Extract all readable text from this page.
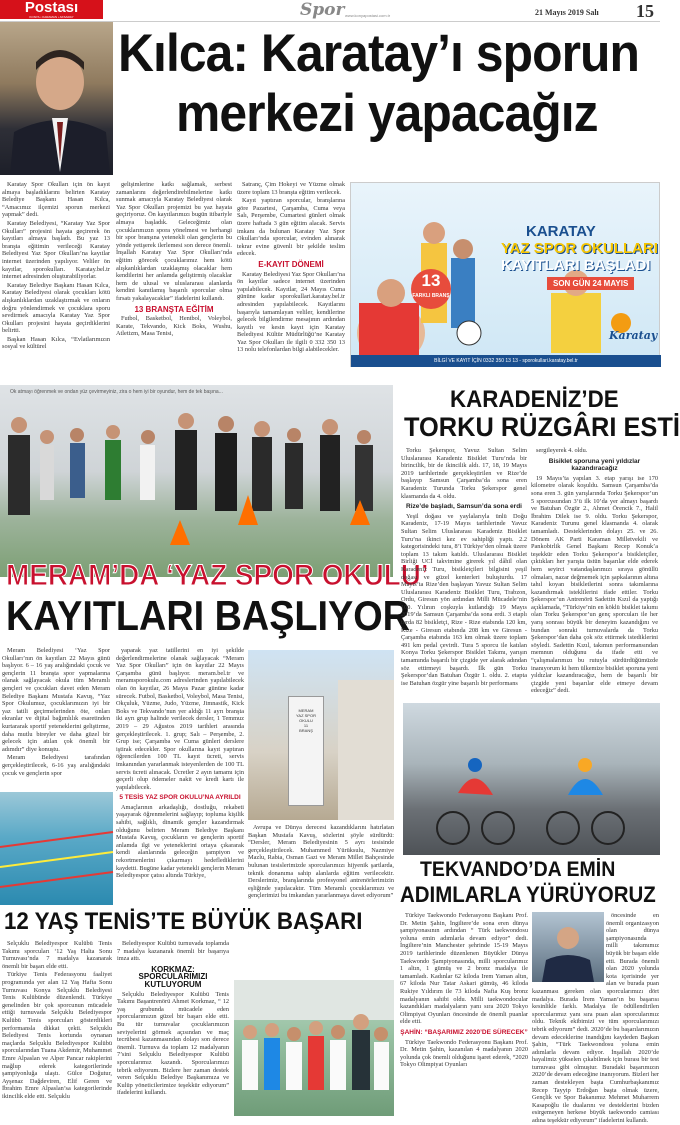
Postası
KONYA • KARAMAN • AKSARAY	Spor www.konyapostasi.com.tr	21 Mayıs 2019 Salı 15
Kılca: Karatay’ı sporun
merkezi yapacağız

Karatay Spor Okulları için ön kayıt almaya başladıklarını belirten Karatay Belediye Başkanı Hasan Kılca, “Amacımız ilçemizi sporun merkezi yapmak” dedi.

Karatay Belediyesi, “Karatay Yaz Spor Okulları” projesini hayata geçirerek ön kayıtları almaya başladı. Bu yaz 13 branşta eğitimin verileceği Karatay Belediyesi Yaz Spor Okulları’na kayıtlar internet üzerinden yapılıyor. Veliler ön kayıtlar, sporokulları. Karatay.bel.tr internet adresinden oluşturabiliyorlar.

Karatay Belediye Başkanı Hasan Kılca, Karatay Belediyesi olarak çocukları kötü alışkanlıklardan uzaklaştırmak ve onların doğru yönlendirmek ve çocuklara sporu sevdirmek amacıyla Karatay Yaz Spor Okulları projesini hayata geçirdiklerini belirtti.

Başkan Hasan Kılca, “Evlatlarımızın sosyal ve kültürel

gelişimlerine katkı sağlamak, serbest zamanlarını değerlendirebilmelerine katkı sunmak amacıyla Karatay Belediyesi olarak Yaz Spor Okulları projemizi bu yaz hayata geçiriyoruz. Ön kayıtlarımızı bugün itibariyle almaya başladık. Geleceğimiz olan çocuklarımızın spora yönelmesi ve herhangi bir spor branşına yetenekli olan gençlerin bu yönde yetişerek ilerlemesi son derece önemli. İnşallah Karatay Yaz Spor Okulları’nda eğitim görecek çocuklarımız hem kötü alışkanlıklardan uzaklaşmış olacaklar hem kendilerini her anlamda geliştirmiş olacaklar hem de ulusal ve uluslararası alanlarda kendini kanıtlamış başarılı sporcular olma fırsatı yakalayacaklar” ifadelerini kullandı.

13 BRANŞTA EĞİTİM

Futbol, Basketbol, Hentbol, Voleybol, Karate, Tekvando, Kick Boks, Wushu, Atletizm, Masa Tenisi,

Satranç, Çim Hokeyi ve Yüzme olmak üzere toplam 13 branşta eğitim verilecek.

Kayıt yaptıran sporcular, branşlarına göre Pazartesi, Çarşamba, Cuma veya Salı, Perşembe, Cumartesi günleri olmak üzere haftada 3 gün eğitim alacak. Servis imkanı da bulunan Karatay Yaz Spor Okulları’nda sporcular, evinden alınarak tekrar evine güvenli bir şekilde teslim edecek.

E-KAYIT DÖNEMİ

Karatay Belediyesi Yaz Spor Okulları’na ön kayıtlar sadece internet üzerinden yapılabilecek. Kayıtlar, 24 Mayıs Cuma gününe kadar sporokullari.karatay.bel.tr adresinden yapılabilecek. Kayıtlarını başarıyla tamamlayan veliler, kendilerine gelecek bilgilendirme mesajının ardından kayıtlı ve kesin kayıt için Karatay Belediyesi Kültür Müdürlüğü’ne Karatay Yaz Spor Okulları ile ilgili 0 332 350 13 13 nolu telefonlardan bilgi alabilecekler.

KARATAY
YAZ SPOR OKULLARI
KAYITLARI BAŞLADI
SON GÜN 24 MAYIS
13
FARKLI BRANŞ
Karatay
BİLGİ VE KAYIT İÇİN 0332 350 13 13 - sporokullari.karatay.bel.tr
Ok atmayı öğrenmek ve ondan yüz çevirmeyiniz, zira o hem iyi bir oyundur, hem de tek başına...
MERAM’DA ‘YAZ SPOR OKULU’
KAYITLARI BAŞLIYOR

Meram Belediyesi ‘Yaz Spor Okulları’nın ön kayıtları 22 Mayıs günü başlıyor. 6 – 16 yaş aralığındaki çocuk ve gençlerin 11 branşta spor yapmalarına olanak sağlayacak okula tüm Meramlı gençleri ve çocukları davet eden Meram Belediye Başkanı Mustafa Kavuş, “Yaz Spor Okulumuz, çocuklarımızın iyi bir yaz tatili geçirmelerinden öte, onları ekranlar ve dijital bağımlılık esaretinden kurtararak sportif yeteneklerini geliştirme, daha mutlu bireyler ve daha güzel bir gelecek için atılan çok önemli bir adımdır” diye konuştu.

Meram Belediyesi tarafından gerçekleştirilecek, 6-16 yaş aralığındaki çocuk ve gençlerin spor

yaparak yaz tatillerini en iyi şekilde değerlendirmelerine olanak sağlayacak “Meram Yaz Spor Okulları” için ön kayıtlar 22 Mayıs Çarşamba günü başlıyor. meram.bel.tr ve meramsporokulu.com adreslerinden yapılabilecek olan ön kayıtlar, 26 Mayıs Pazar gününe kadar sürecek. Futbol, Basketbol, Voleybol, Masa Tenisi, Okçuluk, Yüzme, Judo, Yüzme, Jimnastik, Kick Boks ve Tekvando’nun yer aldığı 11 ayrı branşta iki ayrı grup halinde verilecek dersler, 1 Temmuz 2019 – 29 Ağustos 2019 tarihleri arasında gerçekleştirilecek. 1. grup; Salı – Perşembe, 2. Grup ise; Çarşamba ve Cuma günleri derslere iştirak edecekler. Spor okullarına kayıt yaptıran öğrencilerden 100 TL kayıt ücreti, servis imkanından yararlanmak isteyenlerden de 100 TL servis ücreti alınacak. Ücretler 2 ayın tamamı için geçerli olup ödemeler nakit ve kredi kartı ile yapılabilecek.

5 TESİS YAZ SPOR OKULU’NA AYRILDI

Amaçlarının arkadaşlığı, dostluğu, rekabeti yaşayarak öğrenmelerini sağlayıp; topluma kişilik sahibi, sağlıklı, dinamik gençler kazandırmak olduğunu belirten Meram Belediye Başkanı Mustafa Kavuş, çocukların ve gençlerin sportif anlamda ilgi ve yeteneklerini ortaya çıkararak kendi alanlarında geleceğin şampiyon ve rekortmenlerini çıkarmayı hedeflediklerini kaydetti. Bugüne kadar yetenekli gençlerin Meram Belediyespor çatısı altında Türkiye,

MERAM
YAZ SPOR OKULU
11
BRANŞ

Avrupa ve Dünya derecesi kazandıklarını hatırlatan Başkan Mustafa Kavuş, sözlerini şöyle sürdürdü: “Dersler, Meram Belediyesinin 5 ayrı tesisinde gerçekleştirilecek. Muhammed Yürüksulu, Nazmiye Mazlu, Rabia, Osman Gazi ve Meram Millet Bahçesinde bulunan tesislerimizde sporcularımızı hijyenik şartlarda, teknik donanıma sahip alanlarda eğitim verilecektir. Derslerimiz, branşlarında profesyonel antrenörlerimizin eşliğinde yapılacaktır. Tüm Meramlı çocuklarımızı ve gençlerimizi bu imkandan yararlanmaya davet ediyorum”

KARADENİZ’DE
TORKU RÜZGÂRI ESTİ

Torku Şekerspor, Yavuz Sultan Selim Uluslararası Karadeniz Bisiklet Turu’nda bir birincilik, bir de ikincilik aldı. 17, 18, 19 Mayıs 2019 tarihlerinde gerçekleştirilen ve Rize’de başlayıp Samsun Çarşamba’da sona eren Karadeniz Turunda Torku Şekerspor genel klasmanda da 4. oldu.

Rize’de başladı, Samsun’da sona erdi

Yeşil doğası ve yaylalarıyla ünlü Doğu Karadeniz, 17-19 Mayıs tarihlerinde Yavuz Sultan Selim Uluslararası Karadeniz Bisiklet Turu’na ikinci kez ev sahipliği yaptı. 2.2 kategorisindeki tura, 8’i Türkiye’den olmak üzere toplam 13 takım katıldı. Uluslararası Bisiklet Birliği UCİ takvimine girerek yıl dâhil olan Karadeniz Turu, bisikletçileri bilgisini yeşil doğası ve güzel kenterleri buluşturdu. 17 Mayıs’ta Rize’den başlayan Yavuz Sultan Selim Uluslararası Karadeniz Bisiklet Turu, Trabzon, Ordu, Giresun yön ardından Milli Mücadele’nin 100. Yılının coşkuyla kutlandığı 19 Mayıs 2019’da Samsun Çarşamba’da sona erdi. 3 etaplı turda 82 bisikletçi, Rize - Rize etabında 120 km, Rize - Giresun etabında 208 km ve Giresun - Çarşamba etabında 163 km olmak üzere toplam 491 km pedal çevirdi. Tura 5 sporcu ile katılan Konya Torku Şekerspor Bisiklet Takımı, yarışın tamamında başarılı bir çizgide yer alarak adından söz ettirmeyi başardı. İlk gün Torku Şekerspor’dan Batuhan Özgür 1. oldu. 2. etapta ise Batuhan özgür yine başarılı bir performans

sergileyerek 4. oldu.

Bisiklet sporuna yeni yıldızlar kazandıracağız

19 Mayıs’ta yapılan 3. etap yarışı ise 170 kilometre olarak koşuldu. Samsun Çarşamba’da sona eren 3. gün yarışlarında Torku Şekerspor’un 5 sporcusundan 3’ü ilk 10’da yer almayı başardı ve Batuhan Özgür 2., Ahmet Örencik 7., Halil İbrahim Dilek ise 9. oldu. Torku Şekerspor, Karadeniz Turunu genel klasmanda 4. olarak tamamladı. Desteklerinden dolayı 25. ve 26. Dönem AK Parti Karaman Milletvekili ve Pankobirlik Genel Başkanı Recep Konuk’a teşekkür eden Torku Şekerspor’a bisikletçiler, çıktıkları her yarışta üstün başarılar elde ederek hem seyirci vatandaşlarımızı sıraya gönüllü olmaları, nazar değmemek için şapkalarının altına tahıl koyan bisikletlerini sonra takımlarına kazandırmak isteklilerini ifade ettiler. Torku Şekerspor’un Antrenörü Sadettin Kızıl da yaptığı açıklamada, “Türkiye’nin en köklü bisiklet takımı olan Torku Şekerspor’un genç sporcuları ile her yarış sonrası büyük bir deneyim kazandığını ve bundan sonraki turnuvalarda da Torku Şekerspor’dan daha çok söz ettirmek istediklerini söyledi. Sadettin Kızıl, takımın performansından memnun olduğunu da ifade etti ve “çalışmalarımızı bu rutuyla sürdürdüğümüzde inanıyorum ki hem ülkemize bisiklet sporuna yeni yıldızlar kazandıracağız, hem de başarılı bir çizgide yeni başarılar elde etmeye devam edeceğiz” dedi.

TEKVANDO’DA EMİN
ADIMLARLA YÜRÜYORUZ

Türkiye Taekwondo Federasyonu Başkanı Prof. Dr. Metin Şahin, İngiltere’de sona eren dünya şampiyonasının ardından “ Türk taekwondosu yoluna emin adımlarla devam ediyor” dedi. İngiltere’nin Manchester şehrinde 15-19 Mayıs 2019 tarihlerinde düzenlenen Büyükler Dünya Taekwondo Şampiyonasında, milli sporcularımız 1 altın, 1 gümüş ve 2 bronz madalya ile tamamladı. Kadınlar 62 kiloda Irem Yaman altın, 67 kiloda Nur Tatar Askari gümüş, 46 kiloda Rukiye Yıldırım ile 73 kiloda Nafia Kuş bronz madalyanın sahibi oldu. Milli taekwondocular kazandıkları madalyaların yanı sıra 2020 Tokyo Olimpiyat Oyunları öncesinde de önemli puanlar elde etti.

ŞAHİN: “BAŞARIMIZ 2020’DE SÜRECEK”

Türkiye Taekwondo Federasyonu Başkanı Prof. Dr. Metin Şahin, kazanılan 4 madalyanın 2020 yolunda çok önemli olduğunu işaret ederek, “2020 Tokyo Olimpiyat Oyunları

öncesinde en önemli organizasyon olan dünya şampiyonasında milli takımımız büyük bir başarı elde etti. Burada önemli olan 2020 yolunda kota içerisinde yer alan ve burada puan kazanması gereken olan sporcularımızı dört madalya. Burada İrem Yaman’ın bu başarısı kesinlikle farklı. Madalya ile ödüllendirilen sporcularımız yanı sıra puan alan sporcularımız oldu. Teknik ekibimizi ve tüm sporcularımızı tebrik ediyorum” dedi. 2020’de bu başarılarımızın devam edeceklerine inandığını kaydeden Başkan Şahin, “Türk Taekwondosu yoluna emin adımlarla devam ediyor. İnşallah 2020’de hayalimiz yükselen çıkabilmek için burası bir test turnuvası gibi olmuştur. Buradaki başarımızın 2020’de devam edeceğine inanıyorum. Bizleri her zaman destekleyen başta Cumhurbaşkanımız Recep Tayyip Erdoğan başta olmak üzere, Gençlik ve Spor Bakanımız Mehmet Muharrem Kasapoğlu ile dualarını ve desteklerini bizden esirgemeyen herkese büyük taekwondo camiası adına teşekkür ediyorum” ifadelerini kullandı.

12 YAŞ TENİS’TE BÜYÜK BAŞARI

Selçuklu Belediyespor Kulübü Tenis Takımı sporcuları ‘12 Yaş Halta Sonu Turnuvası’nda 7 madalya kazanarak önemli bir başarı elde etti.

Türkiye Tenis Federasyonu faaliyet programında yer alan 12 Yaş Hafta Sonu Turnuvası Konya Selçuklu Belediyesi Tenis Kulübünde düzenlendi. Türkiye genelinden bir çok sporcunun mücadele ettiği turnuvada Selçuklu Belediyespor Kulübü Tenis sporcuları gösterdikleri performansla dikkat çekti. Selçuklu Belediyesi Tenis kortunda oynanan maçlarda Selçuklu Belediyespor Kulübü sporcularından Tuana Akdemir, Muhammet Emre Alpaslan ve Alper Pancar rakiplerini mağlup ederek kategorilerinde şampiyonluğa ulaştı. Gülce Doğutur, Ayşenaz Dağdeviren, Elif Geren ve İbrahim Emre Alpaslan’sa kategorilerinde ikincilik elde etti. Selçuklu

Belediyespor Kulübü turnuvada toplamda 7 madalya kazanarak önemli bir başarıya imza attı.

KORKMAZ: SPORCULARIMIZI KUTLUYORUM

Selçuklu Belediyespor Kulübü Tenis Takımı Başantrenörü Ahmet Korkmaz, “ 12 yaş grubunda mücadele eden sporcularımızın güzel bir başarı elde etti. Bu tür turnuvalar çocuklarımızın seviyelerini görmek açısından ve maç tecrübesi kazanmasından dolayı son derece önemli. Turnuva da toplam 12 madalyanın 7’sini Selçuklu Belediyespor Kulübü sporcularımız kazandı. Sporcularımızı tebrik ediyorum. Bizlere her zaman destek veren Selçuklu Belediye Başkanımıza ve Kulüp yöneticilerimize teşekkür ediyorum” ifadelerini kullandı.
